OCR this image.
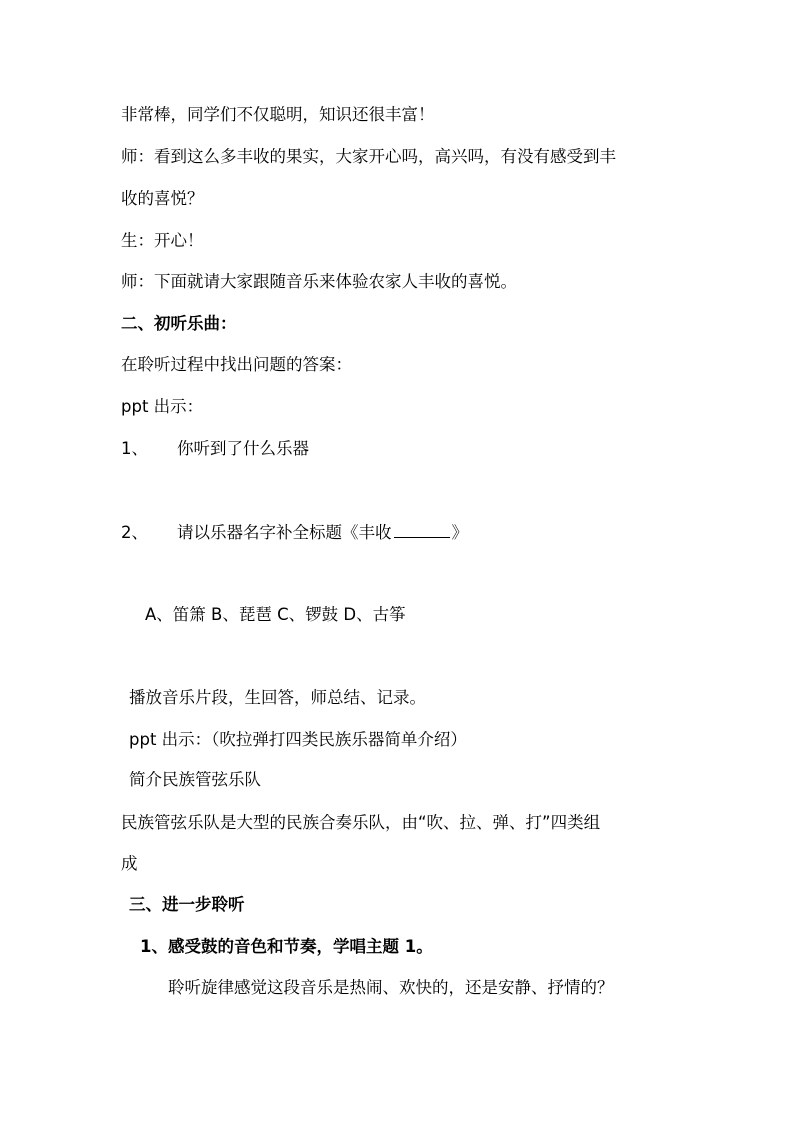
非常棒，同学们不仅聪明，知识还很丰富！
师：看到这么多丰收的果实，大家开心吗，高兴吗，有没有感受到丰
收的喜悦？
生：开心！
师：下面就请大家跟随音乐来体验农家人丰收的喜悦。
二、初听乐曲：
在聆听过程中找出问题的答案：
ppt 出示：
1、 你听到了什么乐器
2、 请以乐器名字补全标题《丰收	》
A、笛箫 B、琵琶 C、锣鼓 D、古筝
播放音乐片段，生回答，师总结、记录。
ppt 出示：（吹拉弹打四类民族乐器简单介绍）
简介民族管弦乐队
民族管弦乐队是大型的民族合奏乐队，由“吹、拉、弹、打”四类组
成
三、进一步聆听
1、感受鼓的音色和节奏，学唱主题 1。
聆听旋律感觉这段音乐是热闹、欢快的，还是安静、抒情的？
